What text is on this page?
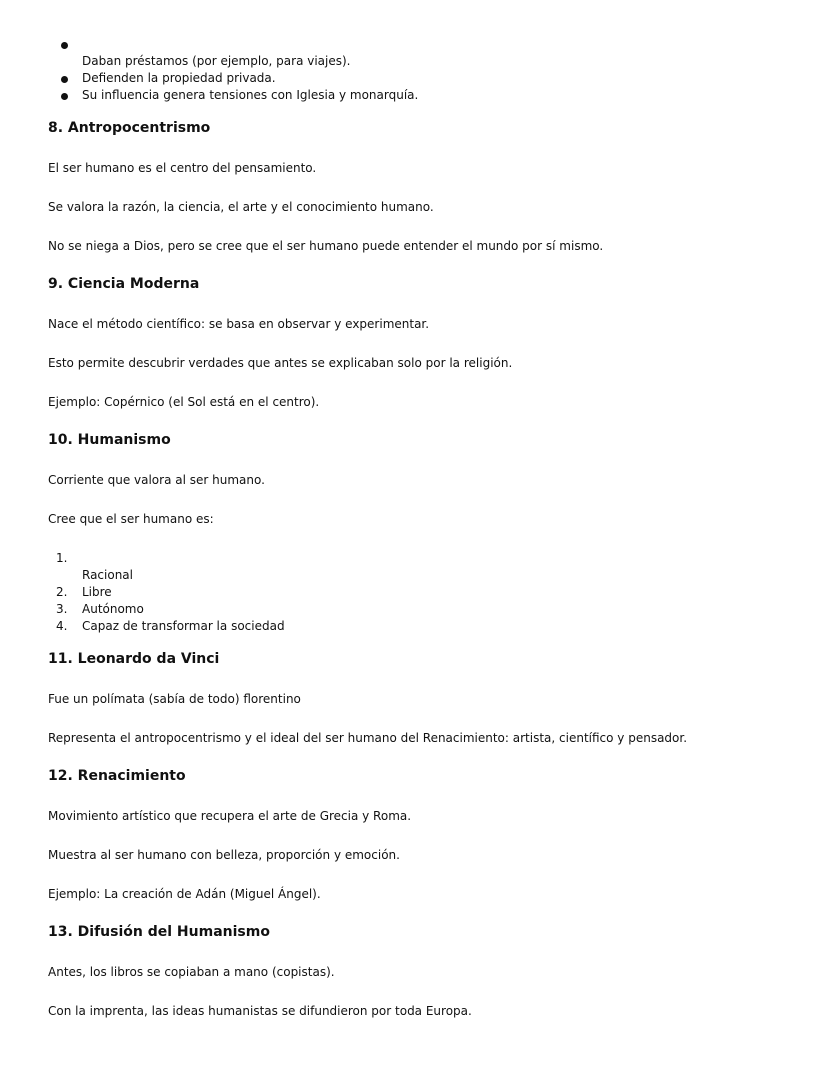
Daban préstamos (por ejemplo, para viajes).
Defienden la propiedad privada.
Su influencia genera tensiones con Iglesia y monarquía.
8. Antropocentrismo

El ser humano es el centro del pensamiento.

Se valora la razón, la ciencia, el arte y el conocimiento humano.

No se niega a Dios, pero se cree que el ser humano puede entender el mundo por sí mismo.

9. Ciencia Moderna

Nace el método científico: se basa en observar y experimentar.

Esto permite descubrir verdades que antes se explicaban solo por la religión.

Ejemplo: Copérnico (el Sol está en el centro).

10. Humanismo

Corriente que valora al ser humano.

Cree que el ser humano es:

1.
Racional
2. Libre
3. Autónomo
4. Capaz de transformar la sociedad
11. Leonardo da Vinci

Fue un polímata (sabía de todo) florentino

Representa el antropocentrismo y el ideal del ser humano del Renacimiento: artista, científico y pensador.

12. Renacimiento

Movimiento artístico que recupera el arte de Grecia y Roma.

Muestra al ser humano con belleza, proporción y emoción.

Ejemplo: La creación de Adán (Miguel Ángel).

13. Difusión del Humanismo

Antes, los libros se copiaban a mano (copistas).

Con la imprenta, las ideas humanistas se difundieron por toda Europa.
